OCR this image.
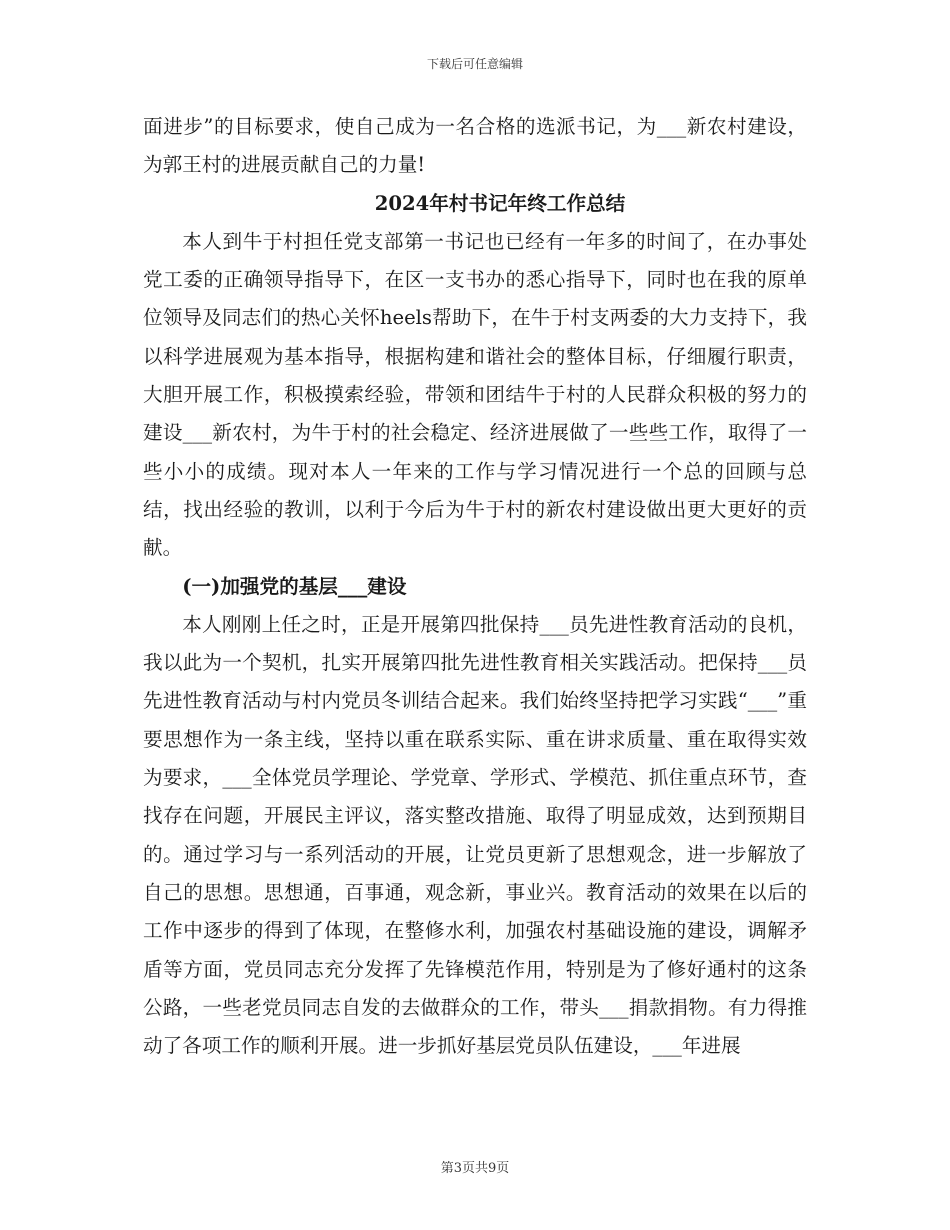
下载后可任意编辑

面进步”的目标要求，使自己成为一名合格的选派书记，为___新农村建设，为郭王村的进展贡献自己的力量!

2024年村书记年终工作总结

本人到牛于村担任党支部第一书记也已经有一年多的时间了，在办事处党工委的正确领导指导下，在区一支书办的悉心指导下，同时也在我的原单位领导及同志们的热心关怀heels帮助下，在牛于村支两委的大力支持下，我以科学进展观为基本指导，根据构建和谐社会的整体目标，仔细履行职责，大胆开展工作，积极摸索经验，带领和团结牛于村的人民群众积极的努力的建设___新农村，为牛于村的社会稳定、经济进展做了一些些工作，取得了一些小小的成绩。现对本人一年来的工作与学习情况进行一个总的回顾与总结，找出经验的教训，以利于今后为牛于村的新农村建设做出更大更好的贡献。

(一)加强党的基层___建设

本人刚刚上任之时，正是开展第四批保持___员先进性教育活动的良机，我以此为一个契机，扎实开展第四批先进性教育相关实践活动。把保持___员先进性教育活动与村内党员冬训结合起来。我们始终坚持把学习实践“___”重要思想作为一条主线，坚持以重在联系实际、重在讲求质量、重在取得实效为要求，___全体党员学理论、学党章、学形式、学模范、抓住重点环节，查找存在问题，开展民主评议，落实整改措施、取得了明显成效，达到预期目的。通过学习与一系列活动的开展，让党员更新了思想观念，进一步解放了自己的思想。思想通，百事通，观念新，事业兴。教育活动的效果在以后的工作中逐步的得到了体现，在整修水利，加强农村基础设施的建设，调解矛盾等方面，党员同志充分发挥了先锋模范作用，特别是为了修好通村的这条公路，一些老党员同志自发的去做群众的工作，带头___捐款捐物。有力得推动了各项工作的顺利开展。进一步抓好基层党员队伍建设，___年进展

第3页共9页
